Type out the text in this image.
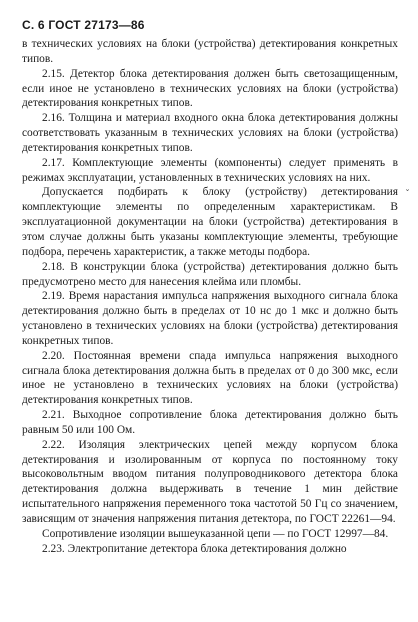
С. 6 ГОСТ 27173—86
ˇ

в технических условиях на блоки (устройства) детектирования конкретных типов.

2.15. Детектор блока детектирования должен быть светозащищенным, если иное не установлено в технических условиях на блоки (устройства) детектирования конкретных типов.

2.16. Толщина и материал входного окна блока детектирования должны соответствовать указанным в технических условиях на блоки (устройства) детектирования конкретных типов.

2.17. Комплектующие элементы (компоненты) следует применять в режимах эксплуатации, установленных в технических условиях на них.

Допускается подбирать к блоку (устройству) детектирования комплектующие элементы по определенным характеристикам. В эксплуатационной документации на блоки (устройства) детектирования в этом случае должны быть указаны комплектующие элементы, требующие подбора, перечень характеристик, а также методы подбора.

2.18. В конструкции блока (устройства) детектирования должно быть предусмотрено место для нанесения клейма или пломбы.

2.19. Время нарастания импульса напряжения выходного сигнала блока детектирования должно быть в пределах от 10 нс до 1 мкс и должно быть установлено в технических условиях на блоки (устройства) детектирования конкретных типов.

2.20. Постоянная времени спада импульса напряжения выходного сигнала блока детектирования должна быть в пределах от 0 до 300 мкс, если иное не установлено в технических условиях на блоки (устройства) детектирования конкретных типов.

2.21. Выходное сопротивление блока детектирования должно быть равным 50 или 100 Ом.

2.22. Изоляция электрических цепей между корпусом блока детектирования и изолированным от корпуса по постоянному току высоковольтным вводом питания полупроводникового детектора блока детектирования должна выдерживать в течение 1 мин действие испытательного напряжения переменного тока частотой 50 Гц со значением, зависящим от значения напряжения питания детектора, по ГОСТ 22261—94.

Сопротивление изоляции вышеуказанной цепи — по ГОСТ 12997—84.

2.23. Электропитание детектора блока детектирования должно
